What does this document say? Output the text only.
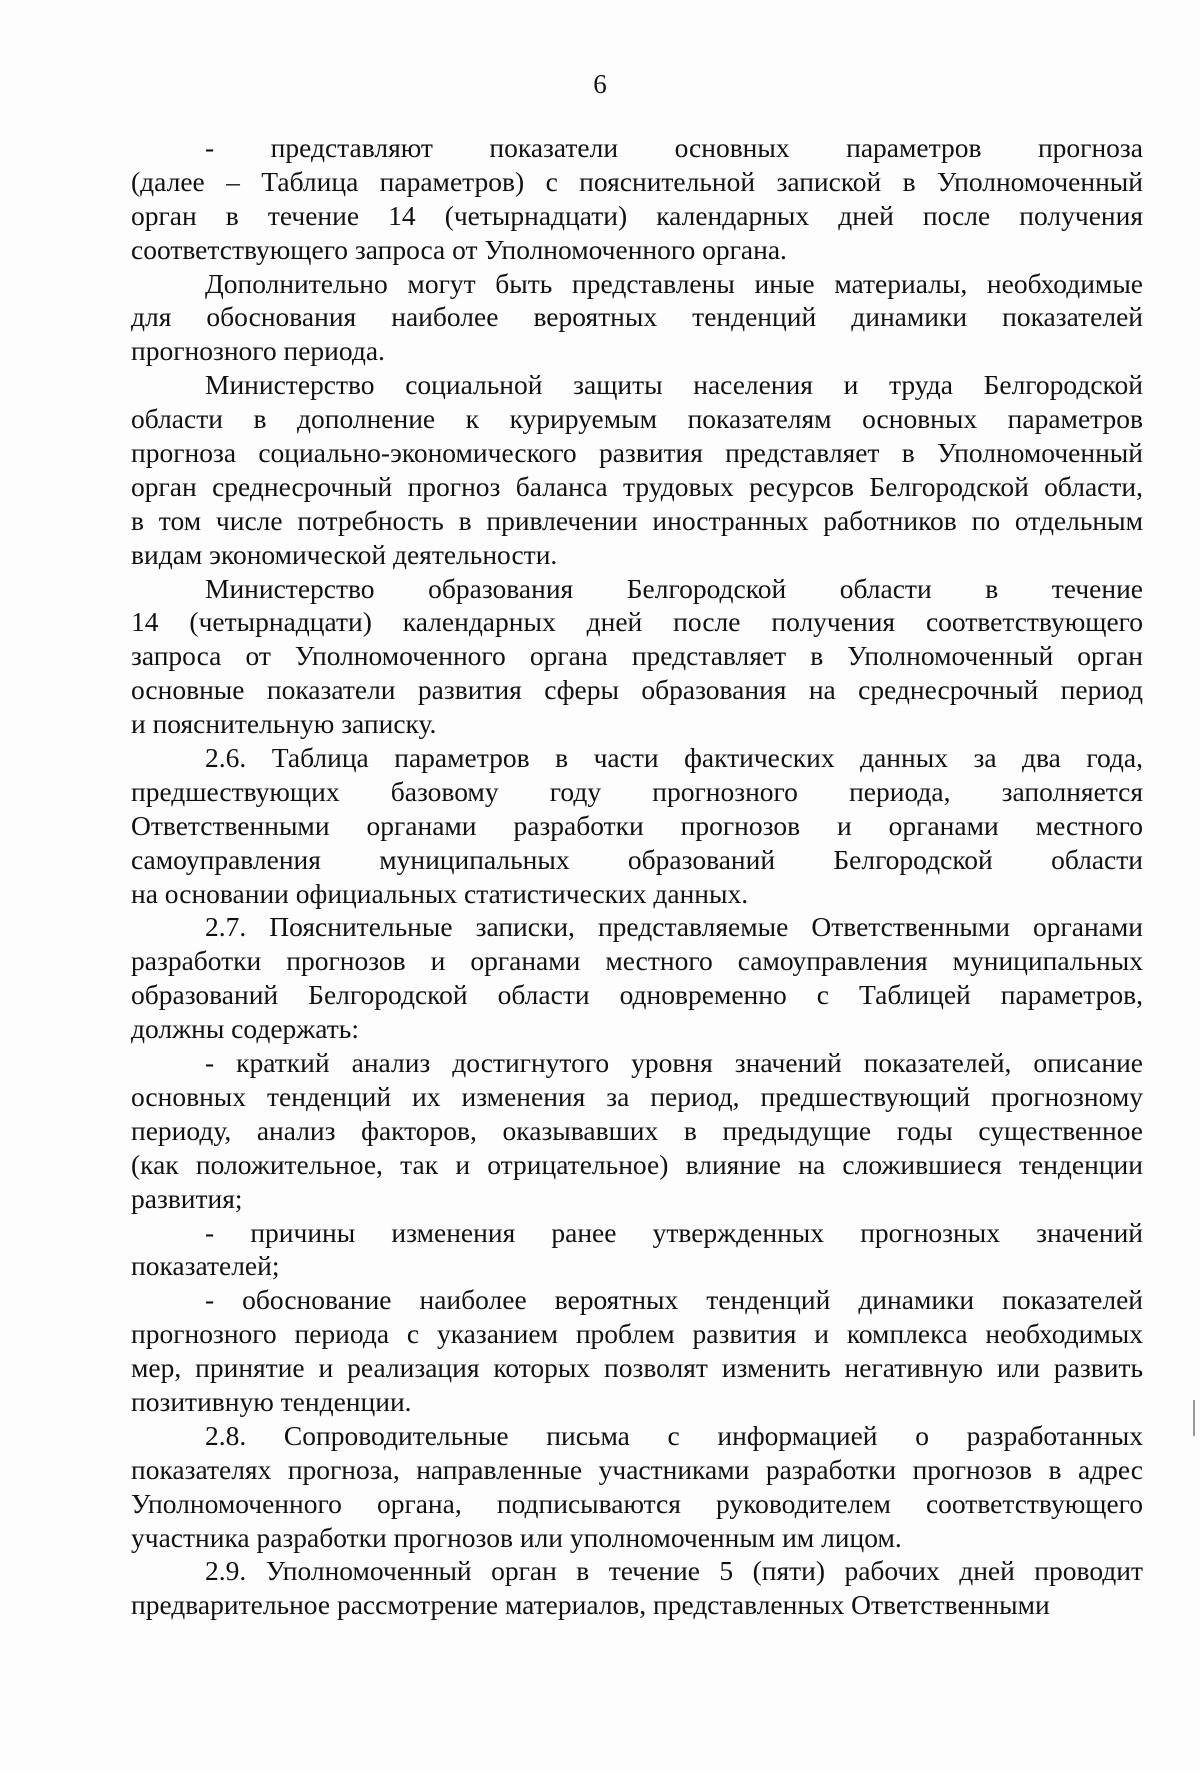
6
- представляют показатели основных параметров прогноза
(далее – Таблица параметров) с пояснительной запиской в Уполномоченный
орган в течение 14 (четырнадцати) календарных дней после получения
соответствующего запроса от Уполномоченного органа.
Дополнительно могут быть представлены иные материалы, необходимые
для обоснования наиболее вероятных тенденций динамики показателей
прогнозного периода.
Министерство социальной защиты населения и труда Белгородской
области в дополнение к курируемым показателям основных параметров
прогноза социально-экономического развития представляет в Уполномоченный
орган среднесрочный прогноз баланса трудовых ресурсов Белгородской области,
в том числе потребность в привлечении иностранных работников по отдельным
видам экономической деятельности.
Министерство образования Белгородской области в течение
14 (четырнадцати) календарных дней после получения соответствующего
запроса от Уполномоченного органа представляет в Уполномоченный орган
основные показатели развития сферы образования на среднесрочный период
и пояснительную записку.
2.6. Таблица параметров в части фактических данных за два года,
предшествующих базовому году прогнозного периода, заполняется
Ответственными органами разработки прогнозов и органами местного
самоуправления муниципальных образований Белгородской области
на основании официальных статистических данных.
2.7. Пояснительные записки, представляемые Ответственными органами
разработки прогнозов и органами местного самоуправления муниципальных
образований Белгородской области одновременно с Таблицей параметров,
должны содержать:
- краткий анализ достигнутого уровня значений показателей, описание
основных тенденций их изменения за период, предшествующий прогнозному
периоду, анализ факторов, оказывавших в предыдущие годы существенное
(как положительное, так и отрицательное) влияние на сложившиеся тенденции
развития;
- причины изменения ранее утвержденных прогнозных значений
показателей;
- обоснование наиболее вероятных тенденций динамики показателей
прогнозного периода с указанием проблем развития и комплекса необходимых
мер, принятие и реализация которых позволят изменить негативную или развить
позитивную тенденции.
2.8. Сопроводительные письма с информацией о разработанных
показателях прогноза, направленные участниками разработки прогнозов в адрес
Уполномоченного органа, подписываются руководителем соответствующего
участника разработки прогнозов или уполномоченным им лицом.
2.9. Уполномоченный орган в течение 5 (пяти) рабочих дней проводит
предварительное рассмотрение материалов, представленных Ответственными
